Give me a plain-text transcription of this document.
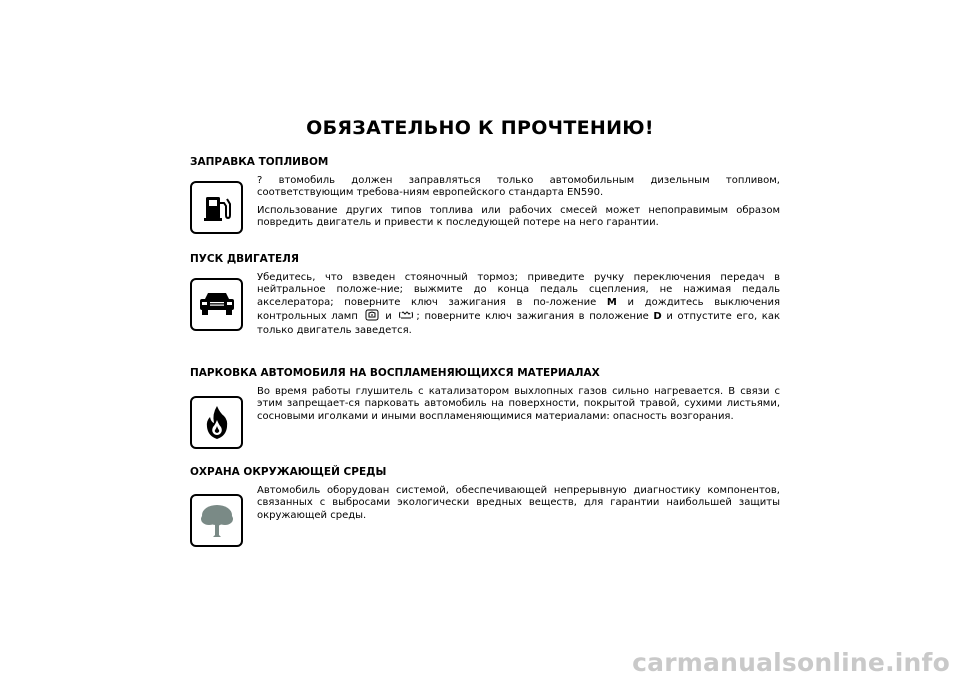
ОБЯЗАТЕЛЬНО К ПРОЧТЕНИЮ!
ЗАПРАВКА ТОПЛИВОМ

? втомобиль должен заправляться только автомобильным дизельным топливом, соответствующим требова-ниям европейского стандарта EN590.

Использование других типов топлива или рабочих смесей может непоправимым образом повредить двигатель и привести к последующей потере на него гарантии.

ПУСК ДВИГАТЕЛЯ

Убедитесь, что взведен стояночный тормоз; приведите ручку переключения передач в нейтральное положе-ние; выжмите до конца педаль сцепления, не нажимая педаль акселератора; поверните ключ зажигания в по-ложение M и дождитесь выключения контрольных ламп  и ; поверните ключ зажигания в положение D и отпустите его, как только двигатель заведется.

ПАРКОВКА АВТОМОБИЛЯ НА ВОСПЛАМЕНЯЮЩИХСЯ МАТЕРИАЛАХ

Во время работы глушитель с катализатором выхлопных газов сильно нагревается. В связи с этим запрещает-ся парковать автомобиль на поверхности, покрытой травой, сухими листьями, сосновыми иголками и иными воспламеняющимися материалами: опасность возгорания.

ОХРАНА ОКРУЖАЮЩЕЙ СРЕДЫ

Автомобиль оборудован системой, обеспечивающей непрерывную диагностику компонентов, связанных с выбросами экологически вредных веществ, для гарантии наибольшей защиты окружающей среды.

carmanualsonline.info
